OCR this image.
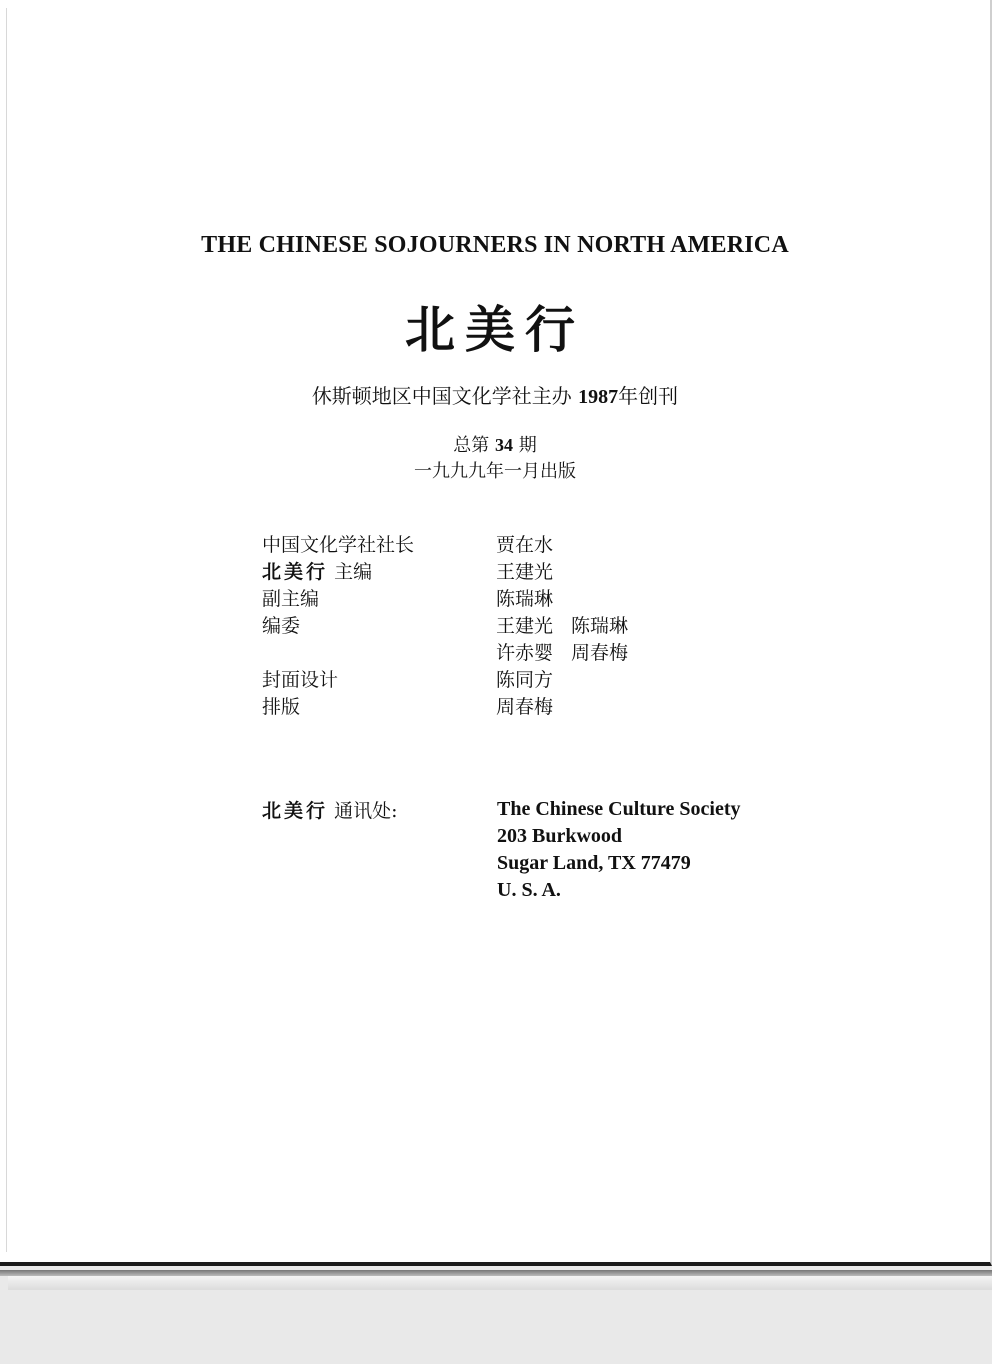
THE CHINESE SOJOURNERS IN NORTH AMERICA
北美行
休斯顿地区中国文化学社主办 1987年创刊
总第 34 期
一九九九年一月出版
中国文化学社社长	贾在水
北美行 主编	王建光
副主编	陈瑞琳
编委	王建光 陈瑞琳
许赤婴 周春梅
封面设计	陈同方
排版	周春梅
北美行 通讯处:	The Chinese Culture Society
203 Burkwood
Sugar Land, TX 77479
U. S. A.
